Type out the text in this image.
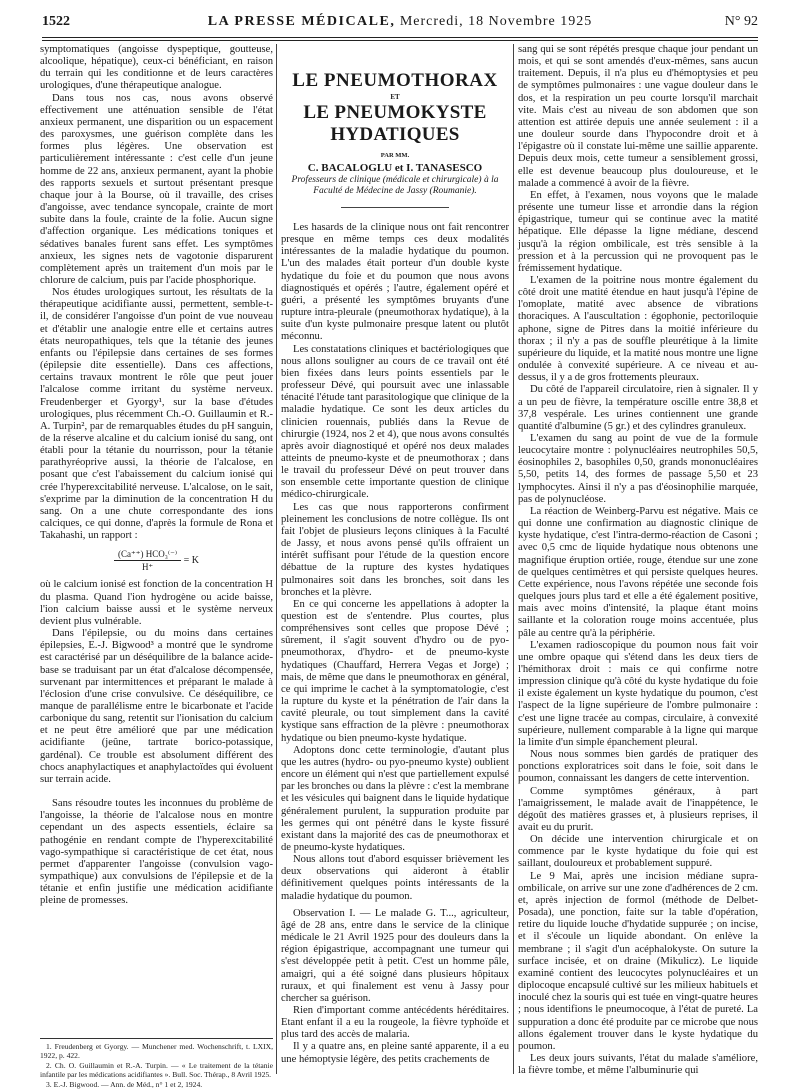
1522	LA PRESSE MÉDICALE, Mercredi, 18 Novembre 1925	N° 92

symptomatiques (angoisse dyspeptique, goutteuse, alcoolique, hépatique), ceux-ci bénéficiant, en raison du terrain qui les conditionne et de leurs caractères urologiques, d'une thérapeutique analogue.

Dans tous nos cas, nous avons observé effectivement une atténuation sensible de l'état anxieux permanent, une disparition ou un espacement des paroxysmes, une guérison complète dans les formes plus légères. Une observation est particulièrement intéressante : c'est celle d'un jeune homme de 22 ans, anxieux permanent, ayant la phobie des rapports sexuels et surtout présentant presque chaque jour à la Bourse, où il travaille, des crises d'angoisse, avec tendance syncopale, crainte de mort subite dans la foule, crainte de la folie. Aucun signe d'affection organique. Les médications toniques et sédatives banales furent sans effet. Les symptômes anxieux, les signes nets de vagotonie disparurent complètement après un traitement d'un mois par le chlorure de calcium, puis par l'acide phosphorique.

Nos études urologiques surtout, les résultats de la thérapeutique acidifiante aussi, permettent, semble-t-il, de considérer l'angoisse d'un point de vue nouveau et d'établir une analogie entre elle et certains autres états neuropathiques, tels que la tétanie des jeunes enfants ou l'épilepsie dans certaines de ses formes (épilepsie dite essentielle). Dans ces affections, certains travaux montrent le rôle que peut jouer l'alcalose comme irritant du système nerveux. Freudenberger et Gyorgy¹, sur la base d'études urologiques, plus récemment Ch.-O. Guillaumin et R.-A. Turpin², par de remarquables études du pH sanguin, de la réserve alcaline et du calcium ionisé du sang, ont établi pour la tétanie du nourrisson, pour la tétanie parathyréoprive aussi, la théorie de l'alcalose, en posant que c'est l'abaissement du calcium ionisé qui crée l'hyperexcitabilité nerveuse. L'alcalose, on le sait, s'exprime par la diminution de la concentration H du sang. On a une chute correspondante des ions calciques, ce qui donne, d'après la formule de Rona et Takahashi, un rapport :

$\frac{\text{(Ca⁺⁺) HCO₃⁽⁻⁾}}{H^+} = K$

où le calcium ionisé est fonction de la concentration H du plasma. Quand l'ion hydrogène ou acide baisse, l'ion calcium baisse aussi et le système nerveux devient plus vulnérable.

Dans l'épilepsie, ou du moins dans certaines épilepsies, E.-J. Bigwood³ a montré que le syndrome est caractérisé par un déséquilibre de la balance acide-base se traduisant par un état d'alcalose décompensée, survenant par intermittences et préparant le malade à l'éclosion d'une crise convulsive. Ce déséquilibre, ce manque de parallélisme entre le bicarbonate et l'acide carbonique du sang, retentit sur l'ionisation du calcium et ne peut être amélioré que par une médication acidifiante (jeûne, tartrate borico-potassique, gardénal). Ce trouble est absolument différent des chocs anaphylactiques et anaphylactoïdes qui évoluent sur terrain acide.

Sans résoudre toutes les inconnues du problème de l'angoisse, la théorie de l'alcalose nous en montre cependant un des aspects essentiels, éclaire sa pathogénie en rendant compte de l'hyperexcitabilité vago-sympathique si caractéristique de cet état, nous permet d'apparenter l'angoisse (convulsion vago-sympathique) aux convulsions de l'épilepsie et de la tétanie et enfin justifie une médication acidifiante pleine de promesses.

1. Freudenberg et Gyorgy. — Munchener med. Wochenschrift, t. LXIX, 1922, p. 422.

2. Ch. O. Guillaumin et R.-A. Turpin. — « Le traitement de la tétanie infantile par les médications acidifiantes ». Bull. Soc. Thérap., 8 Avril 1925.

3. E.-J. Bigwood. — Ann. de Méd., n° 1 et 2, 1924.

LE PNEUMOTHORAX
ET
LE PNEUMOKYSTE HYDATIQUES
PAR MM.
C. BACALOGLU et I. TANASESCO
Professeurs de clinique (médicale et chirurgicale) à la Faculté de Médecine de Jassy (Roumanie).

Les hasards de la clinique nous ont fait rencontrer presque en même temps ces deux modalités intéressantes de la maladie hydatique du poumon. L'un des malades était porteur d'un double kyste hydatique du foie et du poumon que nous avons diagnostiqués et opérés ; l'autre, également opéré et guéri, a présenté les symptômes bruyants d'une rupture intra-pleurale (pneumothorax hydatique), à la suite d'un kyste pulmonaire presque latent ou plutôt méconnu.

Les constatations cliniques et bactériologiques que nous allons souligner au cours de ce travail ont été bien fixées dans leurs points essentiels par le professeur Dévé, qui poursuit avec une inlassable ténacité l'étude tant parasitologique que clinique de la maladie hydatique. Ce sont les deux articles du clinicien rouennais, publiés dans la Revue de chirurgie (1924, nos 2 et 4), que nous avons consultés après avoir diagnostiqué et opéré nos deux malades atteints de pneumo-kyste et de pneumothorax ; dans le travail du professeur Dévé on peut trouver dans son ensemble cette importante question de clinique médico-chirurgicale.

Les cas que nous rapporterons confirment pleinement les conclusions de notre collègue. Ils ont fait l'objet de plusieurs leçons cliniques à la Faculté de Jassy, et nous avons pensé qu'ils offraient un intérêt suffisant pour l'étude de la question encore débattue de la rupture des kystes hydatiques pulmonaires soit dans les bronches, soit dans les bronches et la plèvre.

En ce qui concerne les appellations à adopter la question est de s'entendre. Plus courtes, plus compréhensives sont celles que propose Dévé ; sûrement, il s'agit souvent d'hydro ou de pyo-pneumothorax, d'hydro- et de pneumo-kyste hydatiques (Chauffard, Herrera Vegas et Jorge) ; mais, de même que dans le pneumothorax en général, ce qui imprime le cachet à la symptomatologie, c'est la rupture du kyste et la pénétration de l'air dans la cavité pleurale, ou tout simplement dans la cavité kystique sans effraction de la plèvre : pneumothorax hydatique ou bien pneumo-kyste hydatique.

Adoptons donc cette terminologie, d'autant plus que les autres (hydro- ou pyo-pneumo kyste) oublient encore un élément qui n'est que partiellement expulsé par les bronches ou dans la plèvre : c'est la membrane et les vésicules qui baignent dans le liquide hydatique généralement purulent, la suppuration produite par les germes qui ont pénétré dans le kyste fissuré existant dans la majorité des cas de pneumothorax et de pneumo-kyste hydatiques.

Nous allons tout d'abord esquisser brièvement les deux observations qui aideront à établir définitivement quelques points intéressants de la maladie hydatique du poumon.

Observation I. — Le malade G. T..., agriculteur, âgé de 28 ans, entre dans le service de la clinique médicale le 21 Avril 1925 pour des douleurs dans la région épigastrique, accompagnant une tumeur qui s'est développée petit à petit. C'est un homme pâle, amaigri, qui a été soigné dans plusieurs hôpitaux ruraux, et qui finalement est venu à Jassy pour chercher sa guérison.

Rien d'important comme antécédents héréditaires. Etant enfant il a eu la rougeole, la fièvre typhoïde et plus tard des accès de malaria.

Il y a quatre ans, en pleine santé apparente, il a eu une hémoptysie légère, des petits crachements de

sang qui se sont répétés presque chaque jour pendant un mois, et qui se sont amendés d'eux-mêmes, sans aucun traitement. Depuis, il n'a plus eu d'hémoptysies et peu de symptômes pulmonaires : une vague douleur dans le dos, et la respiration un peu courte lorsqu'il marchait vite. Mais c'est au niveau de son abdomen que son attention est attirée depuis une année seulement : il a une douleur sourde dans l'hypocondre droit et à l'épigastre où il constate lui-même une saillie apparente. Depuis deux mois, cette tumeur a sensiblement grossi, elle est devenue beaucoup plus douloureuse, et le malade a commencé à avoir de la fièvre.

En effet, à l'examen, nous voyons que le malade présente une tumeur lisse et arrondie dans la région épigastrique, tumeur qui se continue avec la matité hépatique. Elle dépasse la ligne médiane, descend jusqu'à la région ombilicale, est très sensible à la pression et à la percussion qui ne provoquent pas le frémissement hydatique.

L'examen de la poitrine nous montre également du côté droit une matité étendue en haut jusqu'à l'épine de l'omoplate, matité avec absence de vibrations thoraciques. A l'auscultation : égophonie, pectoriloquie aphone, signe de Pitres dans la moitié inférieure du thorax ; il n'y a pas de souffle pleurétique à la limite supérieure du liquide, et la matité nous montre une ligne ondulée à convexité supérieure. A ce niveau et au-dessus, il y a de gros frottements pleuraux.

Du côté de l'appareil circulatoire, rien à signaler. Il y a un peu de fièvre, la température oscille entre 38,8 et 37,8 vespérale. Les urines contiennent une grande quantité d'albumine (5 gr.) et des cylindres granuleux.

L'examen du sang au point de vue de la formule leucocytaire montre : polynucléaires neutrophiles 50,5, éosinophiles 2, basophiles 0,50, grands mononucléaires 5,50, petits 14, des formes de passage 5,50 et 23 lymphocytes. Ainsi il n'y a pas d'éosinophilie marquée, pas de polynucléose.

La réaction de Weinberg-Parvu est négative. Mais ce qui donne une confirmation au diagnostic clinique de kyste hydatique, c'est l'intra-dermo-réaction de Casoni ; avec 0,5 cmc de liquide hydatique nous obtenons une magnifique éruption ortiée, rouge, étendue sur une zone de quelques centimètres et qui persiste quelques heures. Cette expérience, nous l'avons répétée une seconde fois quelques jours plus tard et elle a été également positive, mais avec moins d'intensité, la plaque étant moins saillante et la coloration rouge moins accentuée, plus pâle au centre qu'à la périphérie.

L'examen radioscopique du poumon nous fait voir une ombre opaque qui s'étend dans les deux tiers de l'hémithorax droit : mais ce qui confirme notre impression clinique qu'à côté du kyste hydatique du foie il existe également un kyste hydatique du poumon, c'est l'aspect de la ligne supérieure de l'ombre pulmonaire : c'est une ligne tracée au compas, circulaire, à convexité supérieure, nullement comparable à la ligne qui marque la limite d'un simple épanchement pleural.

Nous nous sommes bien gardés de pratiquer des ponctions exploratrices soit dans le foie, soit dans le poumon, connaissant les dangers de cette intervention.

Comme symptômes généraux, à part l'amaigrissement, le malade avait de l'inappétence, le dégoût des matières grasses et, à plusieurs reprises, il avait eu du prurit.

On décide une intervention chirurgicale et on commence par le kyste hydatique du foie qui est saillant, douloureux et probablement suppuré.

Le 9 Mai, après une incision médiane supra-ombilicale, on arrive sur une zone d'adhérences de 2 cm. et, après injection de formol (méthode de Delbet-Posada), une ponction, faite sur la table d'opération, retire du liquide louche d'hydatide suppurée ; on incise, et il s'écoule un liquide abondant. On enlève la membrane ; il s'agit d'un acéphalokyste. On suture la surface incisée, et on draine (Mikulicz). Le liquide examiné contient des leucocytes polynucléaires et un diplocoque encapsulé cultivé sur les milieux habituels et inoculé chez la souris qui est tuée en vingt-quatre heures ; nous identifions le pneumocoque, à l'état de pureté. La suppuration a donc été produite par ce microbe que nous allons également trouver dans le kyste hydatique du poumon.

Les deux jours suivants, l'état du malade s'améliore, la fièvre tombe, et même l'albuminurie qui
